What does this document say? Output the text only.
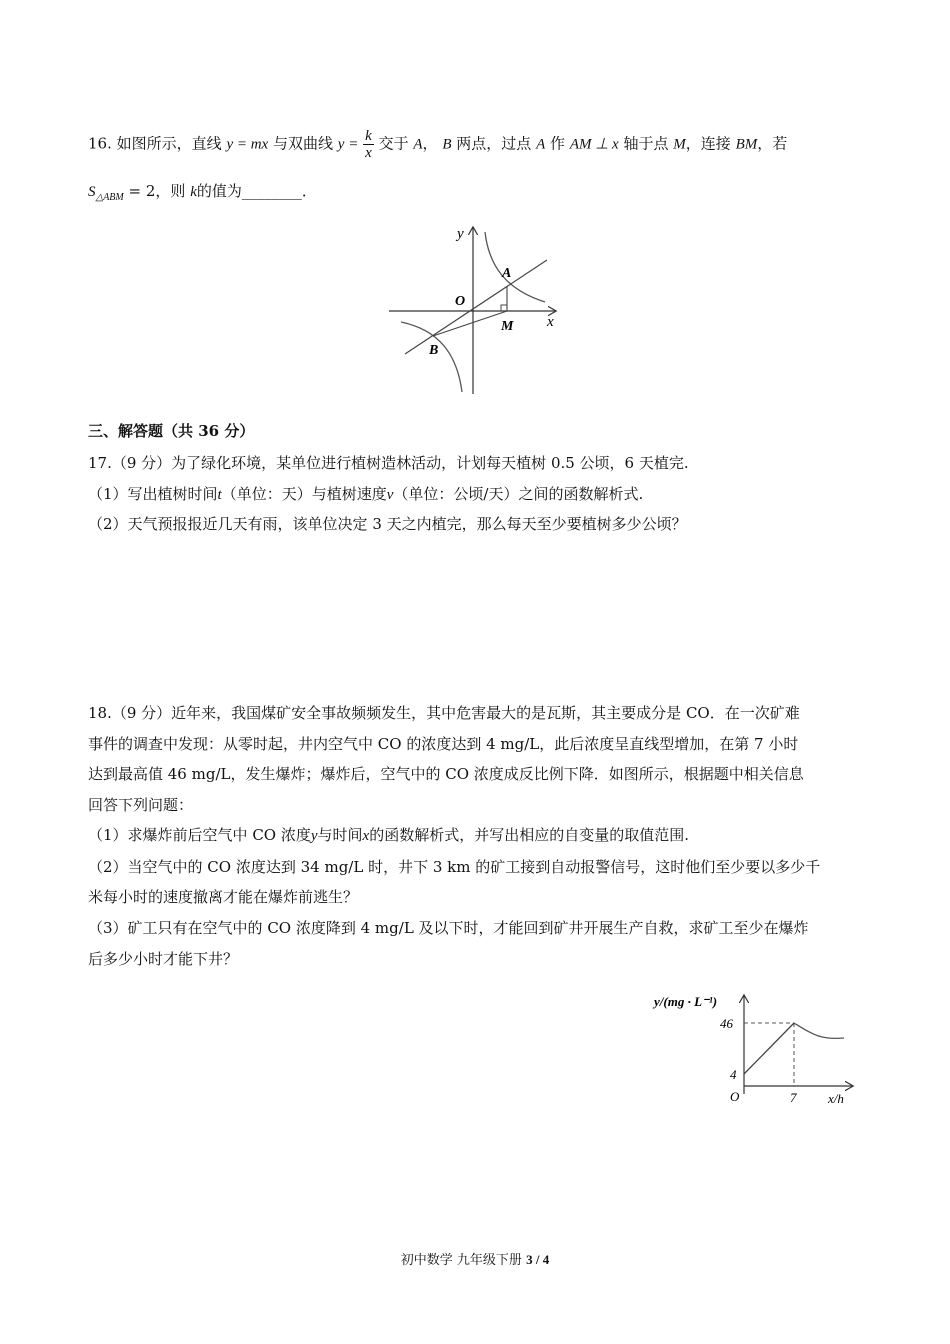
16. 如图所示，直线 y = mx 与双曲线 $y = \frac{k}{x}$ 交于 A， B 两点，过点 A 作 AM ⊥ x 轴于点 M，连接 BM，若
$S_{\triangle ABM} = 2$，则 k的值为________．
y
x
O
A
B
M
三、解答题（共 36 分）
17.（9 分）为了绿化环境，某单位进行植树造林活动，计划每天植树 0.5 公顷，6 天植完.
（1）写出植树时间t（单位：天）与植树速度v（单位：公顷/天）之间的函数解析式.
（2）天气预报报近几天有雨，该单位决定 3 天之内植完，那么每天至少要植树多少公顷？
18.（9 分）近年来，我国煤矿安全事故频频发生，其中危害最大的是瓦斯，其主要成分是 CO．在一次矿难
事件的调查中发现：从零时起，井内空气中 CO 的浓度达到 4 mg/L，此后浓度呈直线型增加，在第 7 小时
达到最高值 46 mg/L，发生爆炸；爆炸后，空气中的 CO 浓度成反比例下降．如图所示，根据题中相关信息
回答下列问题：
（1）求爆炸前后空气中 CO 浓度y与时间x的函数解析式，并写出相应的自变量的取值范围.
（2）当空气中的 CO 浓度达到 34 mg/L 时，井下 3 km 的矿工接到自动报警信号，这时他们至少要以多少千
米每小时的速度撤离才能在爆炸前逃生？
（3）矿工只有在空气中的 CO 浓度降到 4 mg/L 及以下时，才能回到矿井开展生产自救，求矿工至少在爆炸
后多少小时才能下井？
y/(mg · L⁻¹)
46
4
O	7 x/h
初中数学 九年级下册 3 / 4
